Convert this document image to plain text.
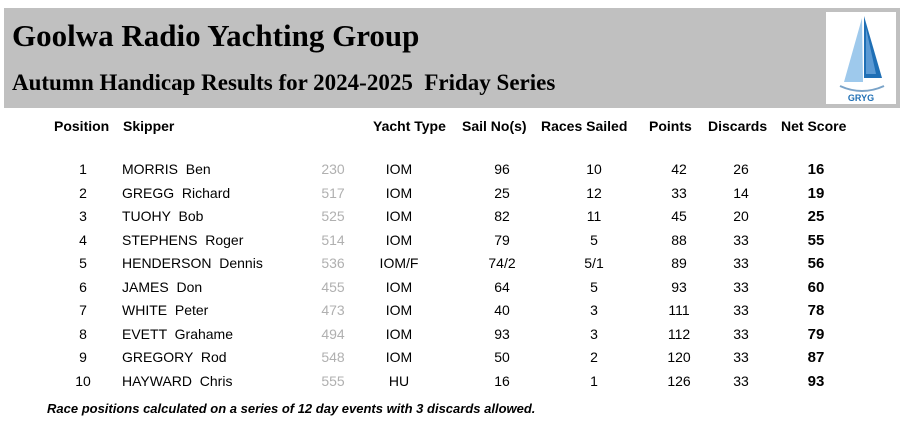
Goolwa Radio Yachting Group
Autumn Handicap Results for 2024-2025  Friday Series
GRYG
Position Skipper	Yacht Type Sail No(s) Races Sailed Points Discards Net Score
1	MORRIS  Ben	230	IOM	96	10	42	26	16
2	GREGG  Richard	517	IOM	25	12	33	14	19
3	TUOHY  Bob	525	IOM	82	11	45	20	25
4	STEPHENS  Roger	514	IOM	79	5	88	33	55
5	HENDERSON  Dennis	536 IOM/F	74/2	5/1	89	33	56
6	JAMES  Don	455	IOM	64	5	93	33	60
7	WHITE  Peter	473	IOM	40	3	111	33	78
8	EVETT  Grahame	494	IOM	93	3	112	33	79
9	GREGORY  Rod	548	IOM	50	2	120	33	87
10 HAYWARD  Chris	555	HU	16	1	126	33	93
Race positions calculated on a series of 12 day events with 3 discards allowed.
